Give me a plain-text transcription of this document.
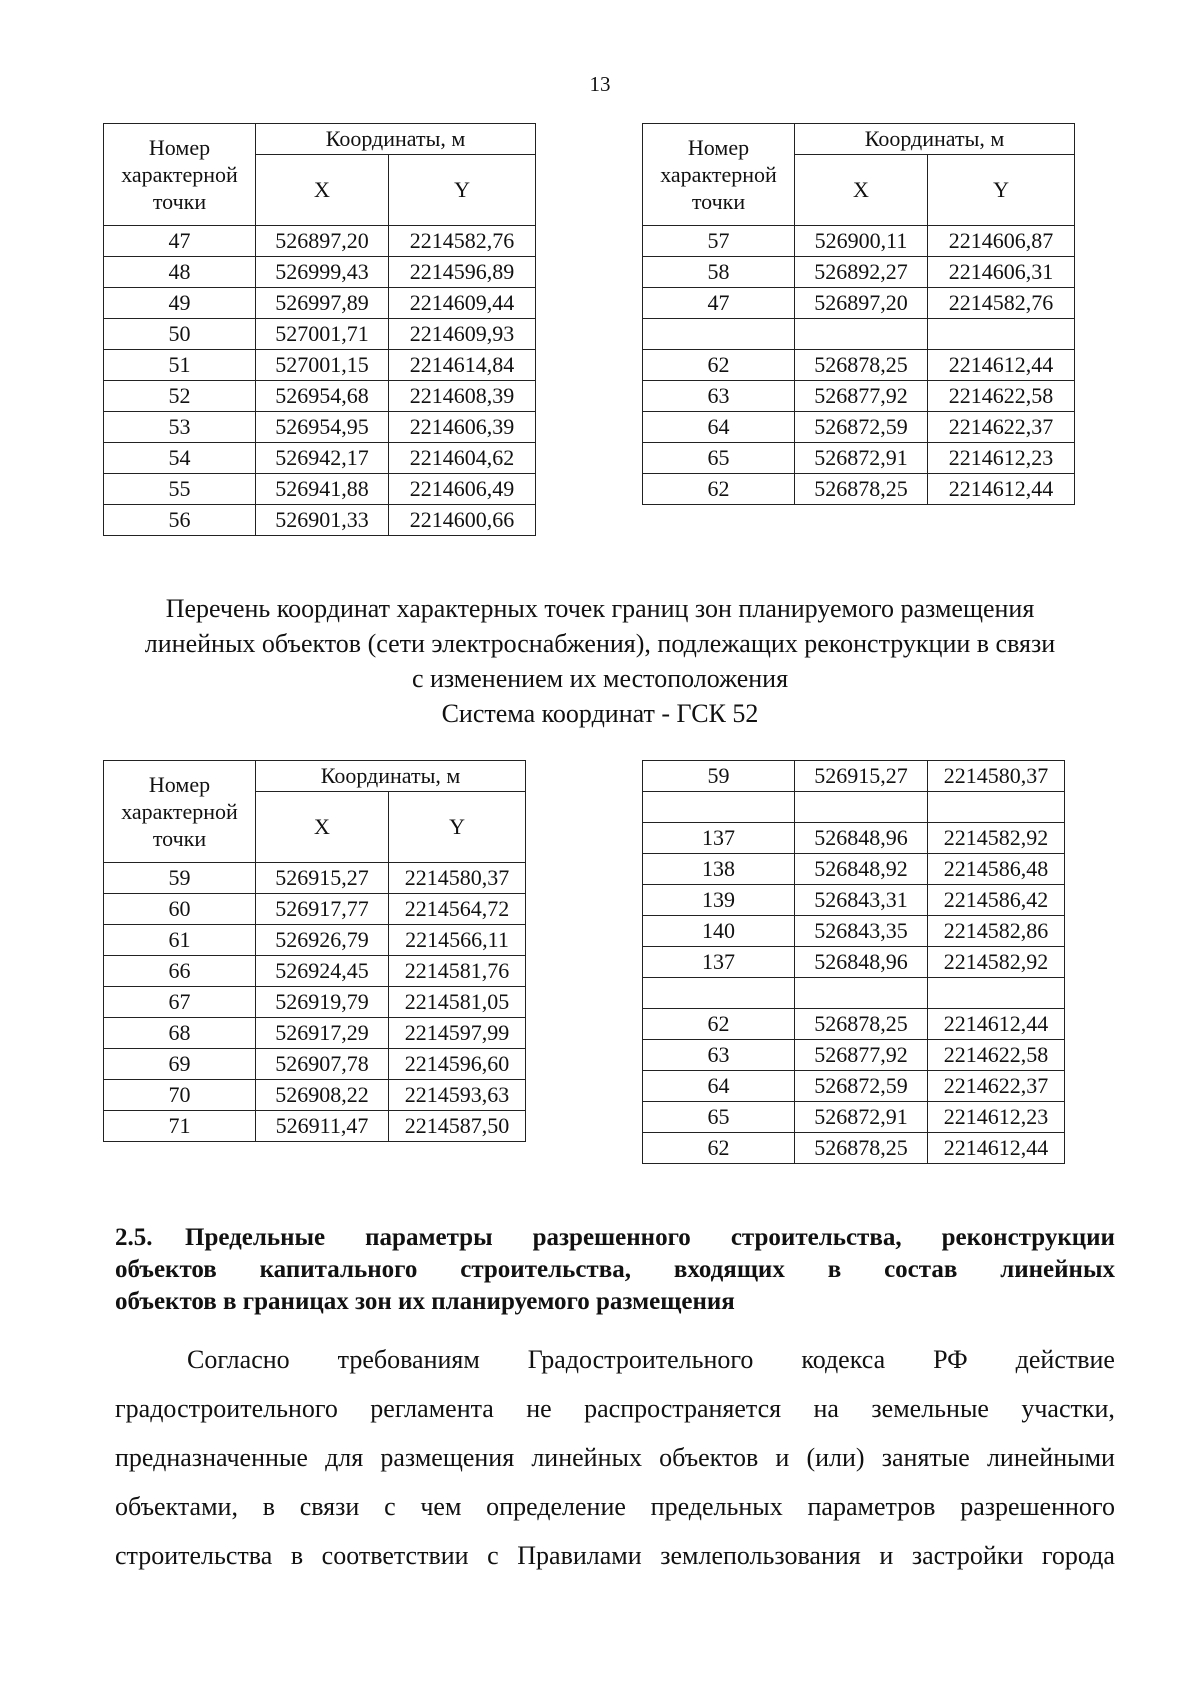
13
Номер
характерной
точки	Координаты, м	
	X	Y
47	526897,20	2214582,76
48	526999,43	2214596,89
49	526997,89	2214609,44
50	527001,71	2214609,93
51	527001,15	2214614,84
52	526954,68	2214608,39
53	526954,95	2214606,39
54	526942,17	2214604,62
55	526941,88	2214606,49
56	526901,33	2214600,66
Номер
характерной
точки	Координаты, м	
	X	Y
57	526900,11	2214606,87
58	526892,27	2214606,31
47	526897,20	2214582,76

62	526878,25	2214612,44
63	526877,92	2214622,58
64	526872,59	2214622,37
65	526872,91	2214612,23
62	526878,25	2214612,44
Перечень координат характерных точек границ зон планируемого размещения
линейных объектов (сети электроснабжения), подлежащих реконструкции в связи
с изменением их местоположения
Система координат - ГСК 52
Номер
характерной
точки	Координаты, м	
	X	Y
59	526915,27	2214580,37
60	526917,77	2214564,72
61	526926,79	2214566,11
66	526924,45	2214581,76
67	526919,79	2214581,05
68	526917,29	2214597,99
69	526907,78	2214596,60
70	526908,22	2214593,63
71	526911,47	2214587,50
59	526915,27	2214580,37

137	526848,96	2214582,92
138	526848,92	2214586,48
139	526843,31	2214586,42
140	526843,35	2214582,86
137	526848,96	2214582,92

62	526878,25	2214612,44
63	526877,92	2214622,58
64	526872,59	2214622,37
65	526872,91	2214612,23
62	526878,25	2214612,44
2.5.	Предельные параметры разрешенного строительства, реконструкции
объектов капитального строительства, входящих в состав линейных
объектов в границах зон их планируемого размещения
Согласно требованиям Градостроительного кодекса РФ действие
градостроительного регламента не распространяется на земельные участки,
предназначенные для размещения линейных объектов и (или) занятые линейными
объектами, в связи с чем определение предельных параметров разрешенного
строительства в соответствии с Правилами землепользования и застройки города
